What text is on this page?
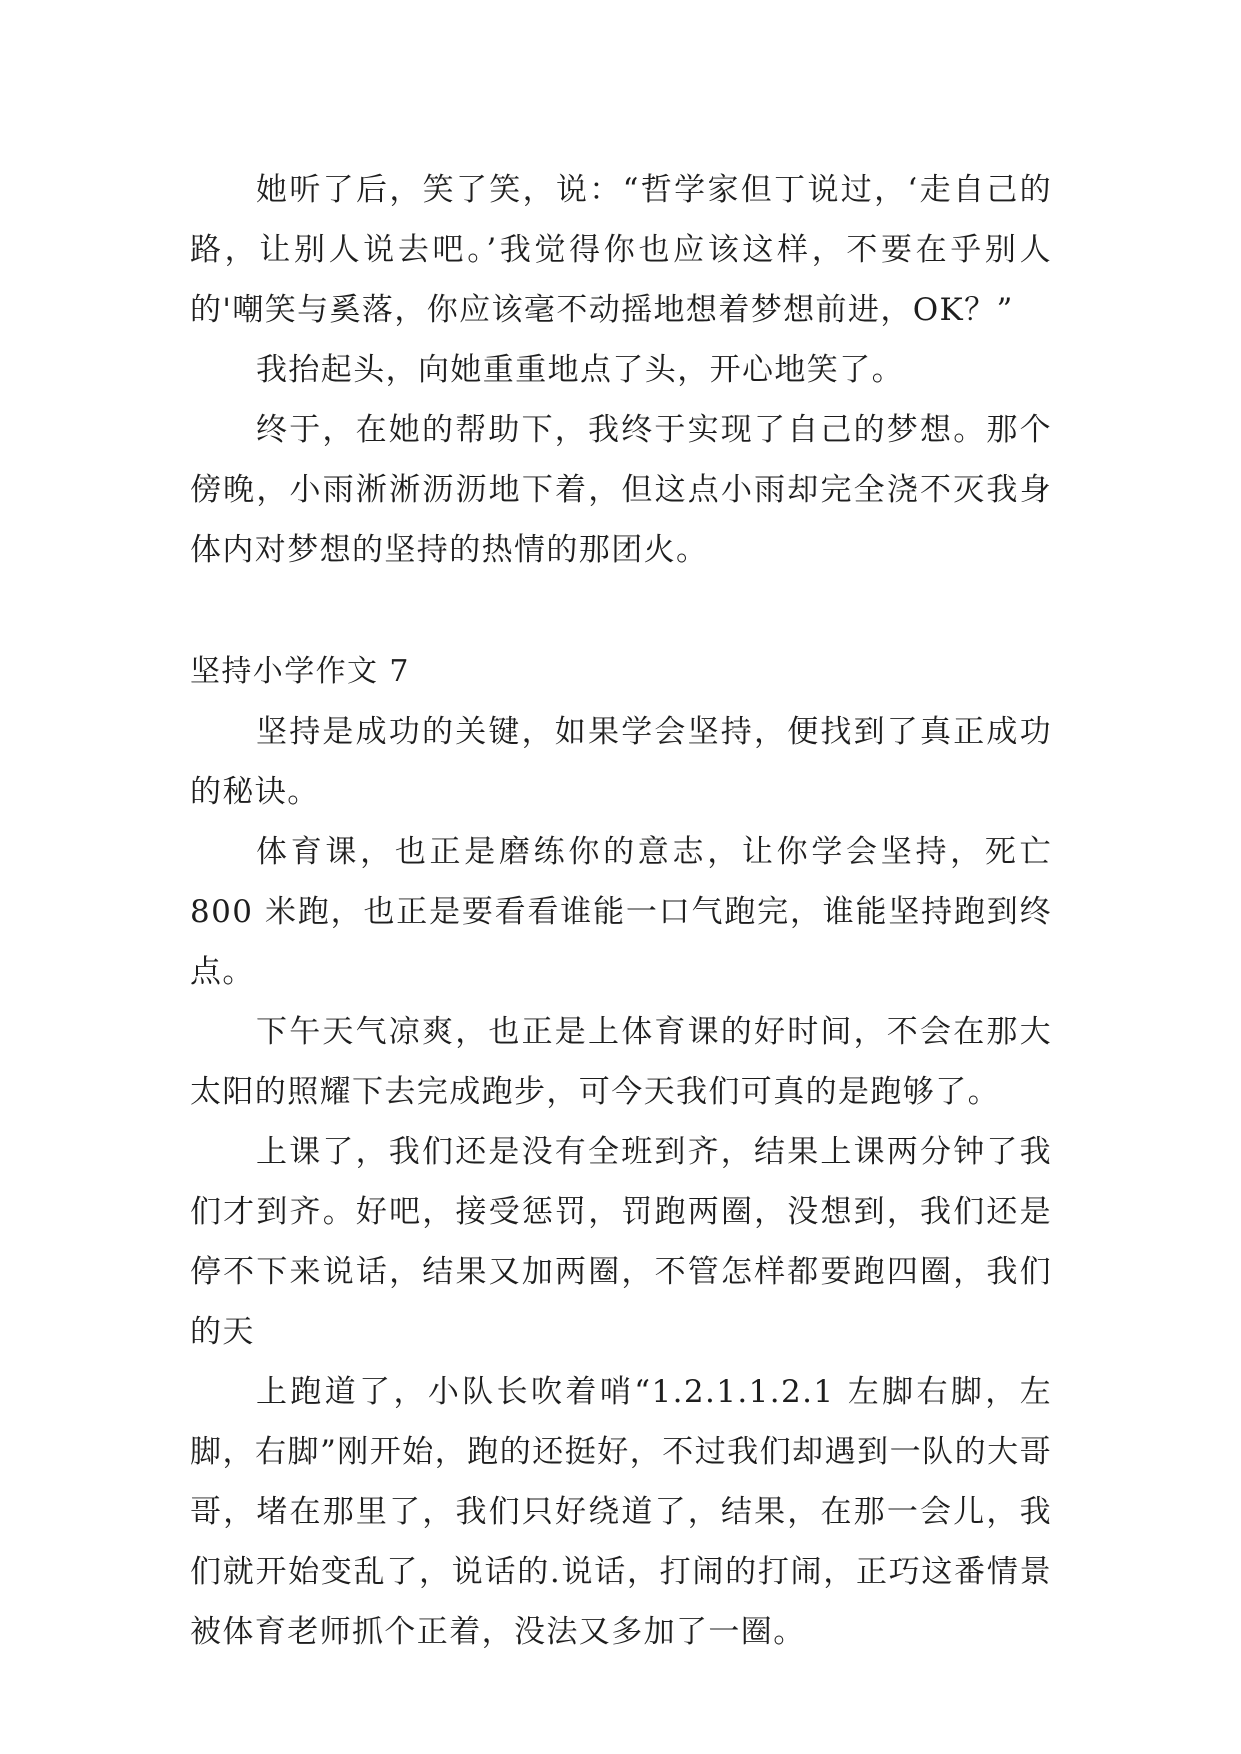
她听了后，笑了笑，说：“哲学家但丁说过，‘走自己的路，让别人说去吧。’我觉得你也应该这样，不要在乎别人的'嘲笑与奚落，你应该毫不动摇地想着梦想前进，OK？”

我抬起头，向她重重地点了头，开心地笑了。

终于，在她的帮助下，我终于实现了自己的梦想。那个傍晚，小雨淅淅沥沥地下着，但这点小雨却完全浇不灭我身体内对梦想的坚持的热情的那团火。

坚持小学作文 7

坚持是成功的关键，如果学会坚持，便找到了真正成功的秘诀。

体育课，也正是磨练你的意志，让你学会坚持，死亡 800 米跑，也正是要看看谁能一口气跑完，谁能坚持跑到终点。

下午天气凉爽，也正是上体育课的好时间，不会在那大太阳的照耀下去完成跑步，可今天我们可真的是跑够了。

上课了，我们还是没有全班到齐，结果上课两分钟了我们才到齐。好吧，接受惩罚，罚跑两圈，没想到，我们还是停不下来说话，结果又加两圈，不管怎样都要跑四圈，我们的天

上跑道了，小队长吹着哨“1.2.1.1.2.1 左脚右脚，左脚，右脚”刚开始，跑的还挺好，不过我们却遇到一队的大哥哥，堵在那里了，我们只好绕道了，结果，在那一会儿，我们就开始变乱了，说话的.说话，打闹的打闹，正巧这番情景被体育老师抓个正着，没法又多加了一圈。
